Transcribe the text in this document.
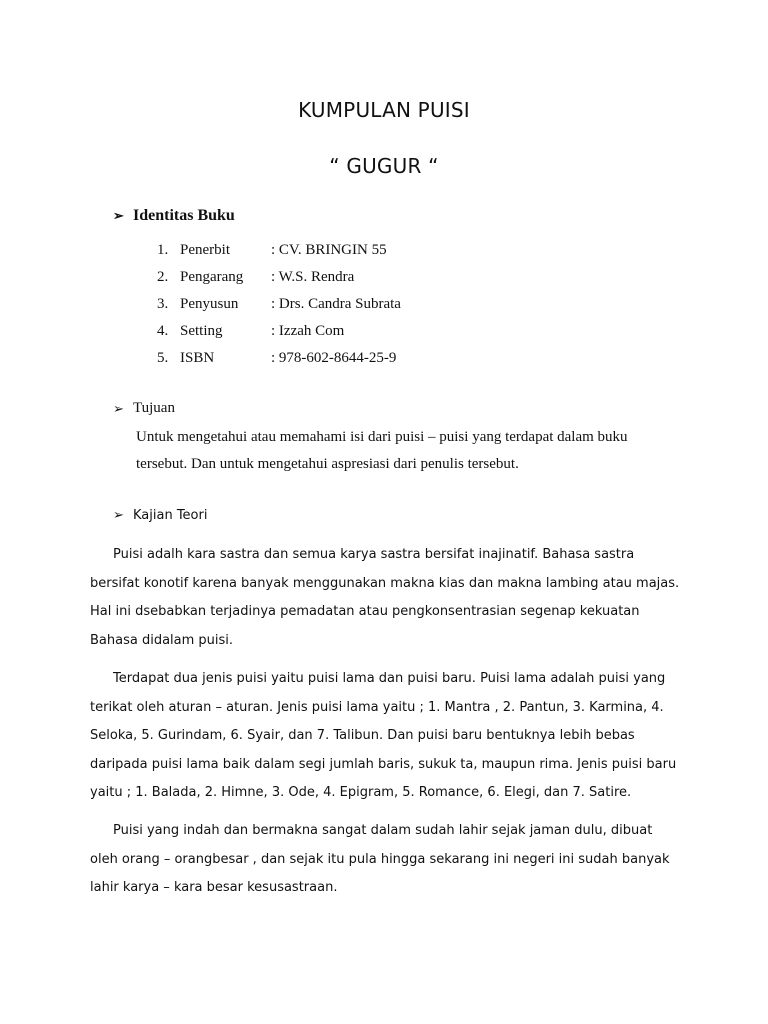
KUMPULAN PUISI
“ GUGUR “
➢ Identitas Buku
1. Penerbit	: CV. BRINGIN 55
2. Pengarang	: W.S. Rendra
3. Penyusun	: Drs. Candra Subrata
4. Setting	: Izzah Com
5. ISBN	: 978-602-8644-25-9
➢ Tujuan
Untuk mengetahui atau memahami isi dari puisi – puisi yang terdapat dalam buku tersebut. Dan untuk mengetahui aspresiasi dari penulis tersebut.
➢ Kajian Teori

Puisi adalh kara sastra dan semua karya sastra bersifat inajinatif. Bahasa sastra bersifat konotif karena banyak menggunakan makna kias dan makna lambing atau majas. Hal ini dsebabkan terjadinya pemadatan atau pengkonsentrasian segenap kekuatan Bahasa didalam puisi.

Terdapat dua jenis puisi yaitu puisi lama dan puisi baru. Puisi lama adalah puisi yang terikat oleh aturan – aturan. Jenis puisi lama yaitu ; 1. Mantra , 2. Pantun, 3. Karmina, 4. Seloka, 5. Gurindam, 6. Syair, dan 7. Talibun. Dan puisi baru bentuknya lebih bebas daripada puisi lama baik dalam segi jumlah baris, sukuk ta, maupun rima. Jenis puisi baru yaitu ; 1. Balada, 2. Himne, 3. Ode, 4. Epigram, 5. Romance, 6. Elegi, dan 7. Satire.

Puisi yang indah dan bermakna sangat dalam sudah lahir sejak jaman dulu, dibuat oleh orang – orangbesar , dan sejak itu pula hingga sekarang ini negeri ini sudah banyak lahir karya – kara besar kesusastraan.
